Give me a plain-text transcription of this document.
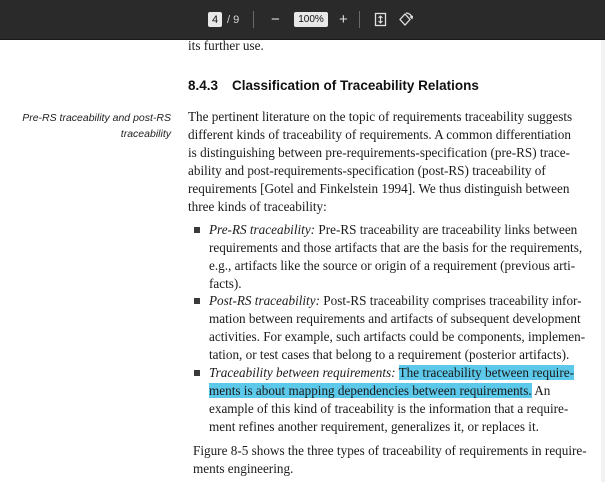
4 / 9 −	100% +
its further use.
8.4.3 Classification of Traceability Relations
Pre-RS traceability and post-RS
traceability
The pertinent literature on the topic of requirements traceability suggests
different kinds of traceability of requirements. A common differentiation
is distinguishing between pre-requirements-specification (pre-RS) trace-
ability and post-requirements-specification (post-RS) traceability of
requirements [Gotel and Finkelstein 1994]. We thus distinguish between
three kinds of traceability:
Pre-RS traceability: Pre-RS traceability are traceability links between
requirements and those artifacts that are the basis for the requirements,
e.g., artifacts like the source or origin of a requirement (previous arti-
facts).
Post-RS traceability: Post-RS traceability comprises traceability infor-
mation between requirements and artifacts of subsequent development
activities. For example, such artifacts could be components, implemen-
tation, or test cases that belong to a requirement (posterior artifacts).
Traceability between requirements: The traceability between require-
ments is about mapping dependencies between requirements. An
example of this kind of traceability is the information that a require-
ment refines another requirement, generalizes it, or replaces it.
Figure 8-5 shows the three types of traceability of requirements in require-
ments engineering.
